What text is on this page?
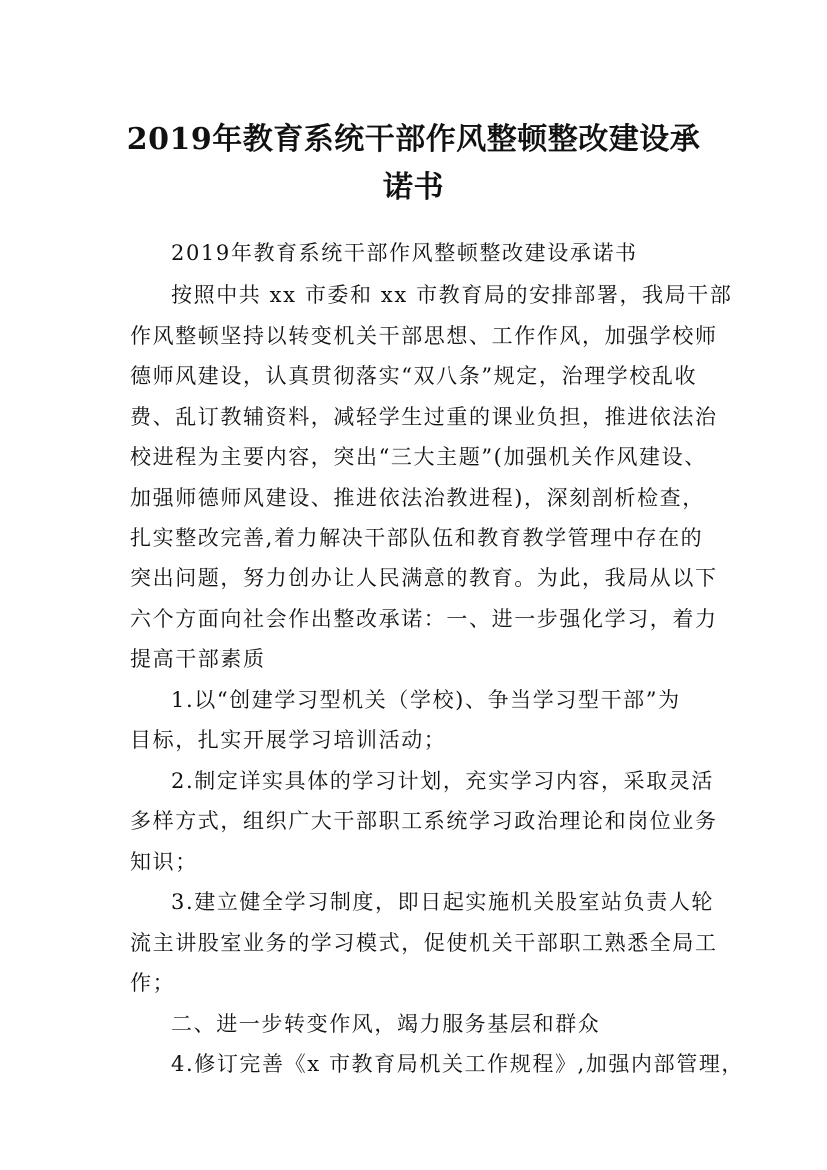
2019年教育系统干部作风整顿整改建设承
诺书
2019年教育系统干部作风整顿整改建设承诺书
按照中共 xx 市委和 xx 市教育局的安排部署，我局干部
作风整顿坚持以转变机关干部思想、工作作风，加强学校师
德师风建设，认真贯彻落实“双八条”规定，治理学校乱收
费、乱订教辅资料，减轻学生过重的课业负担，推进依法治
校进程为主要内容，突出“三大主题”(加强机关作风建设、
加强师德师风建设、推进依法治教进程)，深刻剖析检查，
扎实整改完善,着力解决干部队伍和教育教学管理中存在的
突出问题，努力创办让人民满意的教育。为此，我局从以下
六个方面向社会作出整改承诺：一、进一步强化学习，着力
提高干部素质
1.以“创建学习型机关（学校)、争当学习型干部”为
目标，扎实开展学习培训活动；
2.制定详实具体的学习计划，充实学习内容，采取灵活
多样方式，组织广大干部职工系统学习政治理论和岗位业务
知识；
3.建立健全学习制度，即日起实施机关股室站负责人轮
流主讲股室业务的学习模式，促使机关干部职工熟悉全局工
作；
二、进一步转变作风，竭力服务基层和群众
4.修订完善《x 市教育局机关工作规程》,加强内部管理，
